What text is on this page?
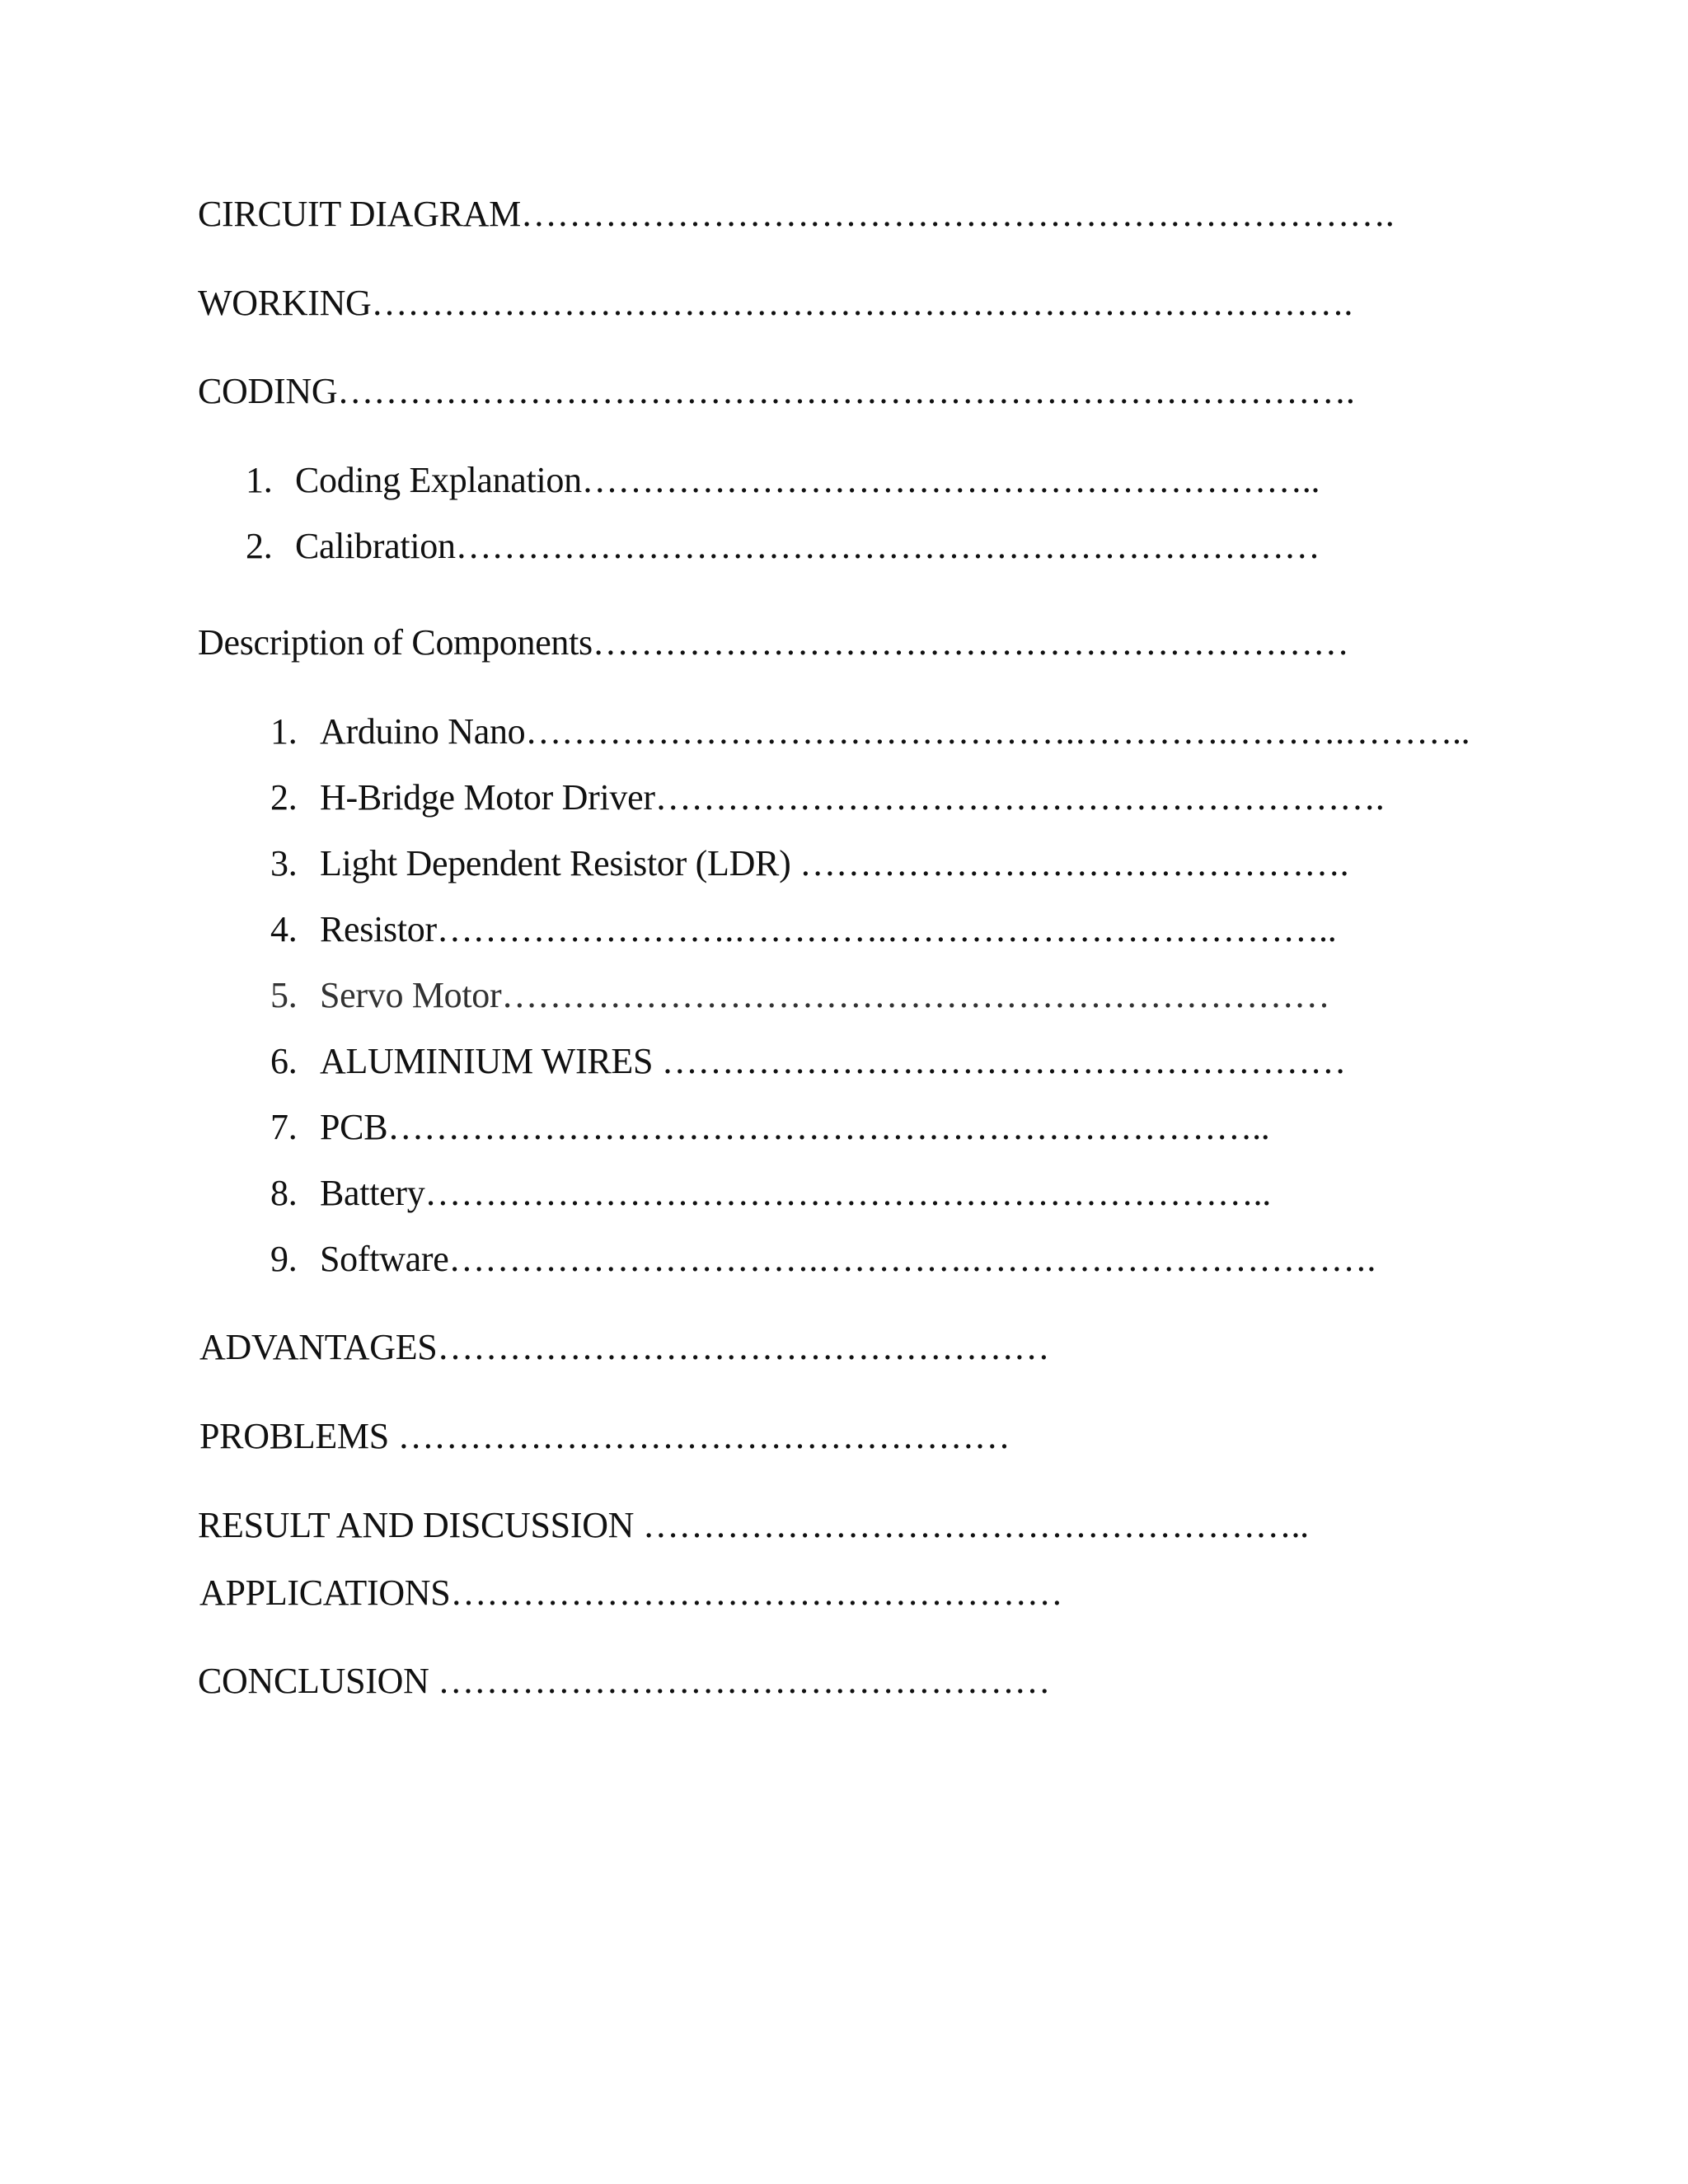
CIRCUIT DIAGRAM……………………………………………………………….
WORKING……………………………………………………………………….
CODING………………………………………………………………………….
1. Coding Explanation……………………………………………………..
2. Calibration………………………………………………………………
Description of Components………………………………………………………
1. Arduino Nano……………………………………….………….……….………..
2. H-Bridge Motor Driver…………………………………………………….
3. Light Dependent Resistor (LDR) ……………………………………….
4. Resistor…………………….………….………………………………..
5. Servo Motor……………………………………………………………
6. ALUMINIUM WIRES …………………………………………………
7. PCB………………………………………………………………..
8. Battery……………………………………………………………..
9. Software………………………….………….…………………………….
ADVANTAGES……………………………………………
PROBLEMS ……………………………………………
RESULT AND DISCUSSION ………………………………………………..
APPLICATIONS……………………………………………
CONCLUSION ……………………………………………
